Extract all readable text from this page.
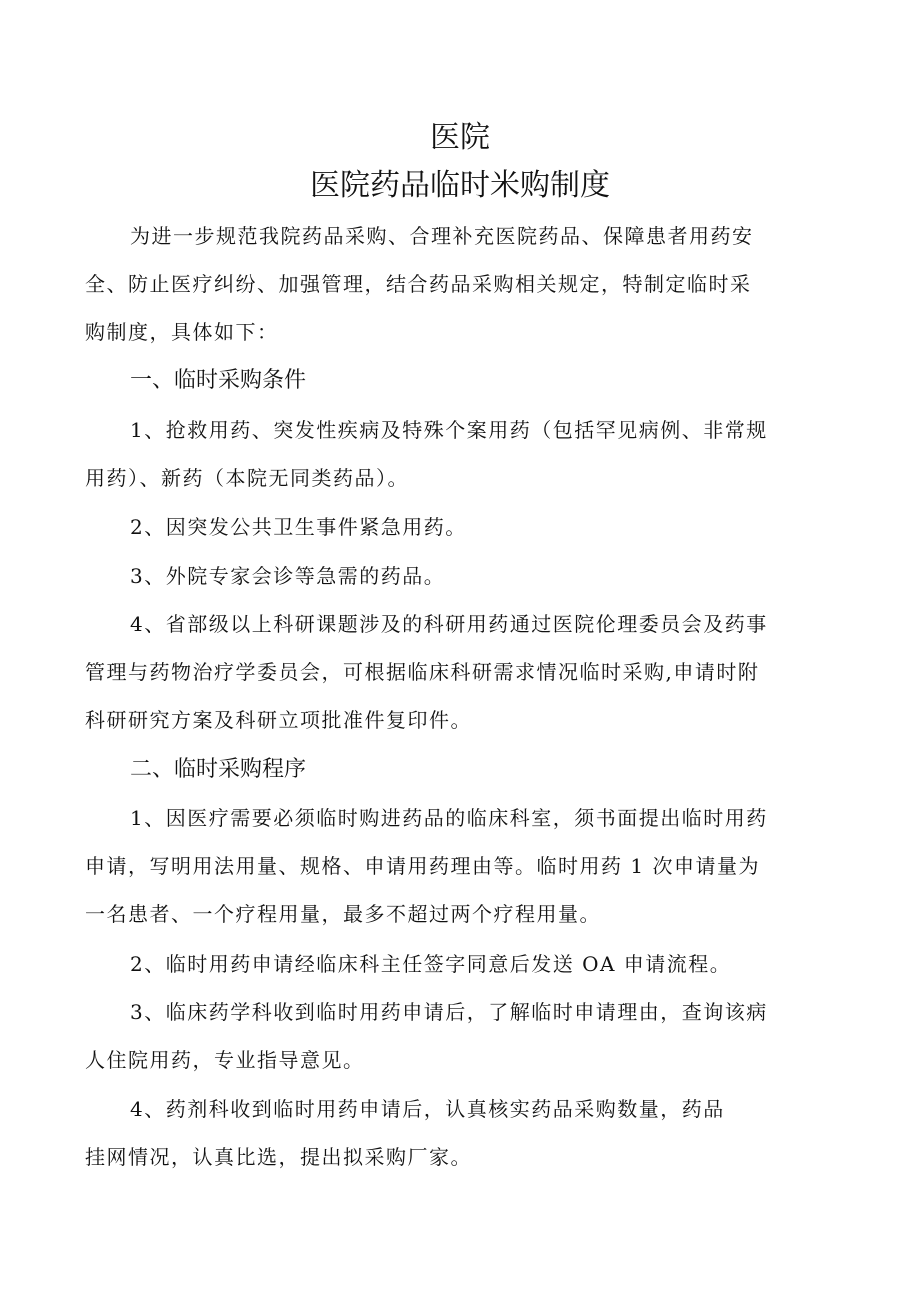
医院
医院药品临时米购制度
为进一步规范我院药品采购、合理补充医院药品、保障患者用药安
全、防止医疗纠纷、加强管理，结合药品采购相关规定，特制定临时采
购制度，具体如下：
一、临时采购条件
1、抢救用药、突发性疾病及特殊个案用药（包括罕见病例、非常规
用药）、新药（本院无同类药品）。
2、因突发公共卫生事件紧急用药。
3、外院专家会诊等急需的药品。
4、省部级以上科研课题涉及的科研用药通过医院伦理委员会及药事
管理与药物治疗学委员会，可根据临床科研需求情况临时采购,申请时附
科研研究方案及科研立项批准件复印件。
二、临时采购程序
1、因医疗需要必须临时购进药品的临床科室，须书面提出临时用药
申请，写明用法用量、规格、申请用药理由等。临时用药 1 次申请量为
一名患者、一个疗程用量，最多不超过两个疗程用量。
2、临时用药申请经临床科主任签字同意后发送 OA 申请流程。
3、临床药学科收到临时用药申请后，了解临时申请理由，查询该病
人住院用药，专业指导意见。
4、药剂科收到临时用药申请后，认真核实药品采购数量，药品
挂网情况，认真比选，提出拟采购厂家。
